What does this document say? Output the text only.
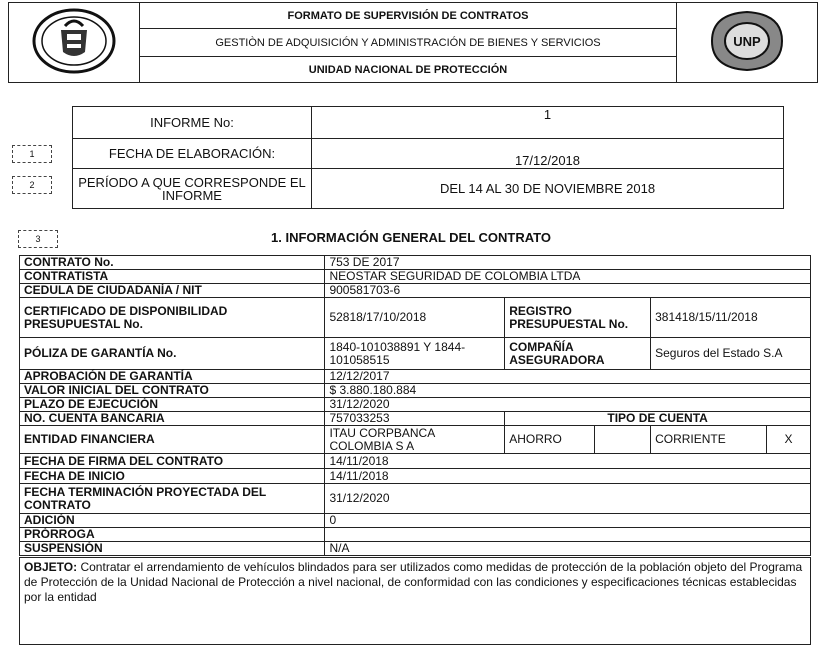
	FORMATO DE SUPERVISIÓN DE CONTRATOS	
UNP

GESTIÒN DE ADQUISICIÓN Y ADMINISTRACIÓN DE BIENES Y SERVICIOS
UNIDAD NACIONAL DE PROTECCIÓN
1
2
3
INFORME No:	1
FECHA DE ELABORACIÓN:	17/12/2018
PERÍODO A QUE CORRESPONDE EL INFORME	DEL 14 AL 30 DE NOVIEMBRE 2018
1. INFORMACIÓN GENERAL DEL CONTRATO
CONTRATO No.	753 DE 2017				
CONTRATISTA	NEOSTAR SEGURIDAD DE COLOMBIA LTDA				
CEDULA DE CIUDADANÍA / NIT	900581703-6				
CERTIFICADO DE DISPONIBILIDAD PRESUPUESTAL No.	52818/17/10/2018	REGISTRO PRESUPUESTAL No.		381418/15/11/2018	
PÓLIZA DE GARANTÍA No.	1840-101038891 Y 1844-101058515	COMPAÑÍA ASEGURADORA		Seguros del Estado S.A	
APROBACIÓN DE GARANTÍA	12/12/2017				
VALOR INICIAL DEL CONTRATO	$ 3.880.180.884				
PLAZO DE EJECUCIÓN	31/12/2020				
NO. CUENTA BANCARIA	757033253	TIPO DE CUENTA			
ENTIDAD FINANCIERA	ITAU CORPBANCA COLOMBIA S A	AHORRO		CORRIENTE	X
FECHA DE FIRMA DEL CONTRATO	14/11/2018				
FECHA DE INICIO	14/11/2018				
FECHA TERMINACIÓN PROYECTADA DEL CONTRATO	31/12/2020				
ADICIÓN	0				
PRÓRROGA					
SUSPENSIÓN	N/A				
OBJETO: Contratar el arrendamiento de vehículos blindados para ser utilizados como medidas de protección de la población objeto del Programa de Protección de la Unidad Nacional de Protección a nivel nacional, de conformidad con las condiciones y especificaciones técnicas establecidas por la entidad
